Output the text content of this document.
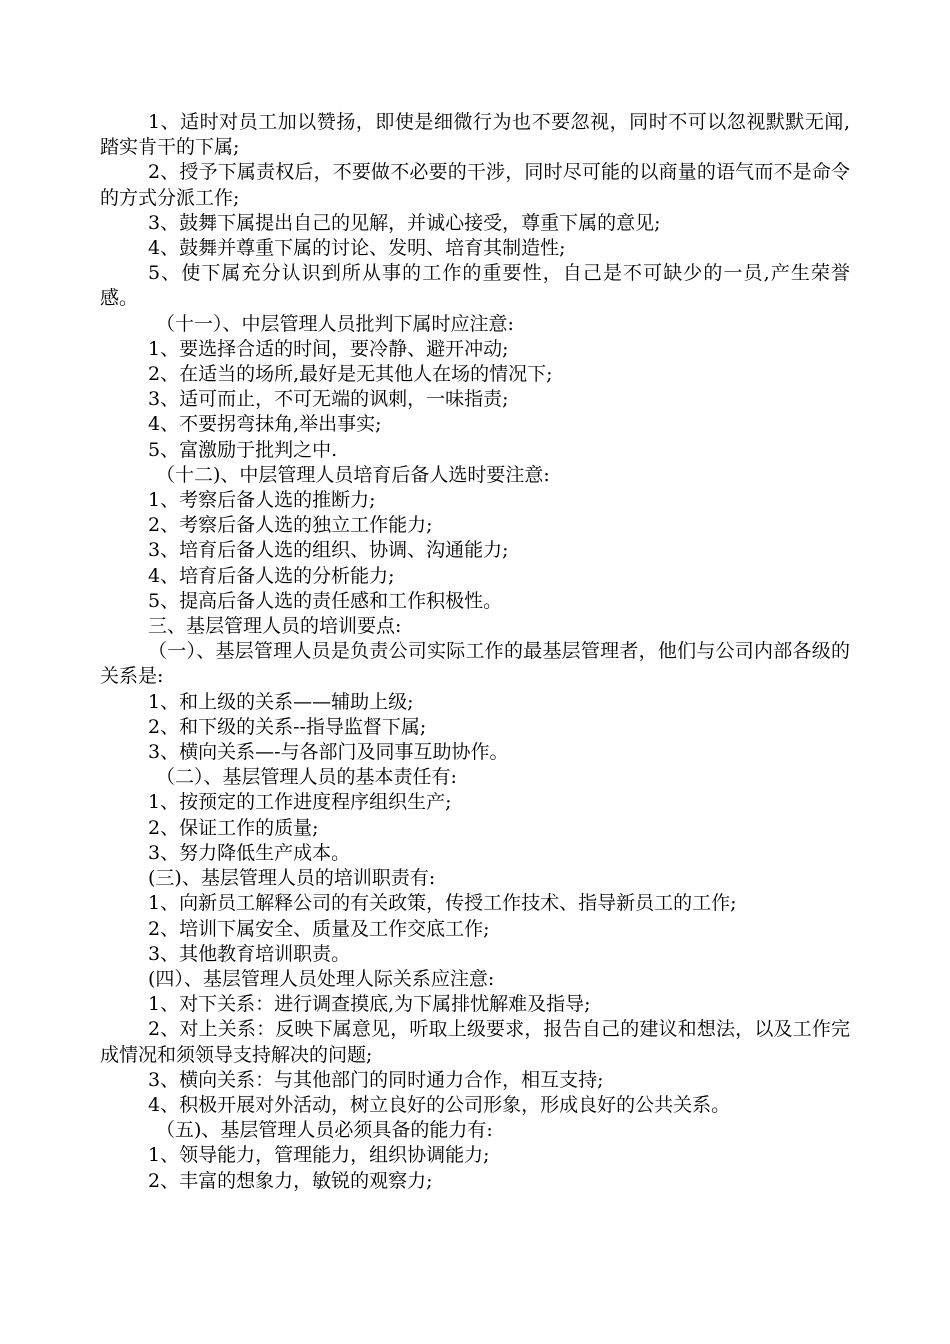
1、适时对员工加以赞扬，即使是细微行为也不要忽视，同时不可以忽视默默无闻,踏实肯干的下属;

2、授予下属责权后，不要做不必要的干涉，同时尽可能的以商量的语气而不是命令的方式分派工作;

3、鼓舞下属提出自己的见解，并诚心接受，尊重下属的意见;

4、鼓舞并尊重下属的讨论、发明、培育其制造性;

5、使下属充分认识到所从事的工作的重要性，自己是不可缺少的一员,产生荣誉感。

（十一）、中层管理人员批判下属时应注意:

1、要选择合适的时间，要冷静、避开冲动;

2、在适当的场所,最好是无其他人在场的情况下;

3、适可而止，不可无端的讽刺，一味指责;

4、不要拐弯抹角,举出事实;

5、富激励于批判之中.

（十二)、中层管理人员培育后备人选时要注意:

1、考察后备人选的推断力;

2、考察后备人选的独立工作能力;

3、培育后备人选的组织、协调、沟通能力;

4、培育后备人选的分析能力;

5、提高后备人选的责任感和工作积极性。

三、基层管理人员的培训要点:

（一）、基层管理人员是负责公司实际工作的最基层管理者，他们与公司内部各级的关系是:

1、和上级的关系——辅助上级;

2、和下级的关系--指导监督下属;

3、横向关系—-与各部门及同事互助协作。

（二）、基层管理人员的基本责任有:

1、按预定的工作进度程序组织生产;

2、保证工作的质量;

3、努力降低生产成本。

(三)、基层管理人员的培训职责有:

1、向新员工解释公司的有关政策，传授工作技术、指导新员工的工作;

2、培训下属安全、质量及工作交底工作;

3、其他教育培训职责。

(四）、基层管理人员处理人际关系应注意:

1、对下关系：进行调查摸底,为下属排忧解难及指导;

2、对上关系：反映下属意见，听取上级要求，报告自己的建议和想法，以及工作完成情况和须领导支持解决的问题;

3、横向关系：与其他部门的同时通力合作，相互支持;

4、积极开展对外活动，树立良好的公司形象，形成良好的公共关系。

（五)、基层管理人员必须具备的能力有:

1、领导能力，管理能力，组织协调能力;

2、丰富的想象力，敏锐的观察力;
